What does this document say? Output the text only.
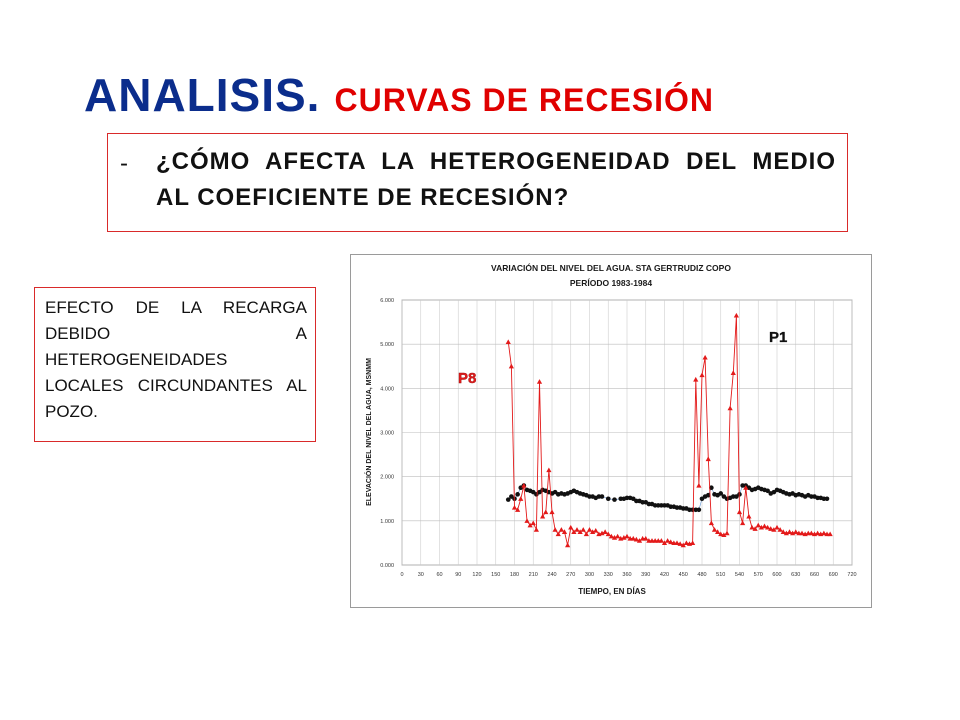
ANALISIS. CURVAS DE RECESIÓN
- ¿CÓMO AFECTA LA HETEROGENEIDAD DEL MEDIO AL COEFICIENTE DE RECESIÓN?
EFECTO DE LA RECARGA DEBIDO A HETEROGENEIDADES LOCALES CIRCUNDANTES AL POZO.
VARIACIÓN DEL NIVEL DEL AGUA. STA GERTRUDIZ COPO
PERÍODO 1983-1984
TIEMPO, EN DÍAS
ELEVACIÓN DEL NIVEL DEL AGUA, MSNMM
0	30 60 90 120 150 180 210 240 270 300 330 360 390 420 450 480 510 540 570 600 630 660 690 720
0.000
1.000
2.000
3.000
4.000
5.000
6.000
P8
P1
